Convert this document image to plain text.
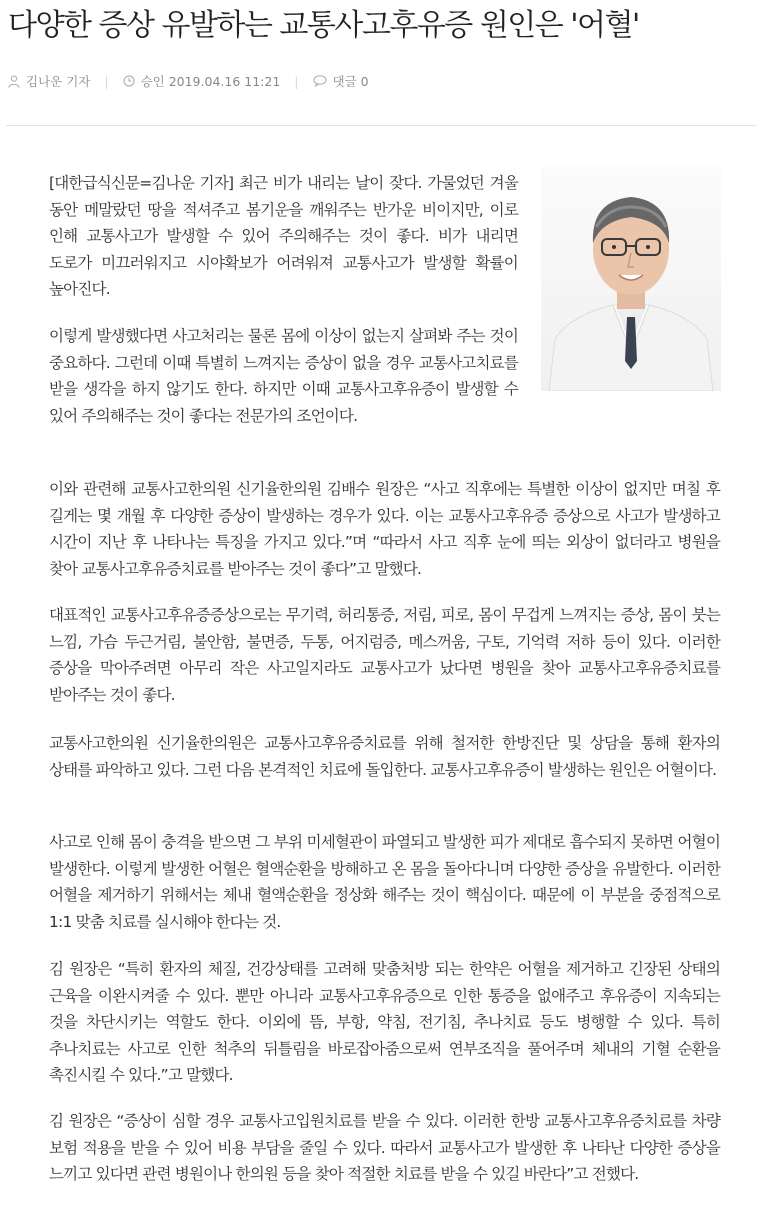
다양한 증상 유발하는 교통사고후유증 원인은 '어혈'
김나운 기자 |	승인 2019.04.16 11:21 |	댓글 0

[대한급식신문=김나운 기자] 최근 비가 내리는 날이 잦다. 가물었던 겨울 동안 메말랐던 땅을 적셔주고 봄기운을 깨워주는 반가운 비이지만, 이로 인해 교통사고가 발생할 수 있어 주의해주는 것이 좋다. 비가 내리면 도로가 미끄러워지고 시야확보가 어려워져 교통사고가 발생할 확률이 높아진다.

이렇게 발생했다면 사고처리는 물론 몸에 이상이 없는지 살펴봐 주는 것이 중요하다. 그런데 이때 특별히 느껴지는 증상이 없을 경우 교통사고치료를 받을 생각을 하지 않기도 한다. 하지만 이때 교통사고후유증이 발생할 수 있어 주의해주는 것이 좋다는 전문가의 조언이다.

이와 관련해 교통사고한의원 신기율한의원 김배수 원장은 “사고 직후에는 특별한 이상이 없지만 며칠 후 길게는 몇 개월 후 다양한 증상이 발생하는 경우가 있다. 이는 교통사고후유증 증상으로 사고가 발생하고 시간이 지난 후 나타나는 특징을 가지고 있다.”며 “따라서 사고 직후 눈에 띄는 외상이 없더라고 병원을 찾아 교통사고후유증치료를 받아주는 것이 좋다”고 말했다.

대표적인 교통사고후유증증상으로는 무기력, 허리통증, 저림, 피로, 몸이 무겁게 느껴지는 증상, 몸이 붓는 느낌, 가슴 두근거림, 불안함, 불면증, 두통, 어지럼증, 메스꺼움, 구토, 기억력 저하 등이 있다. 이러한 증상을 막아주려면 아무리 작은 사고일지라도 교통사고가 났다면 병원을 찾아 교통사고후유증치료를 받아주는 것이 좋다.

교통사고한의원 신기율한의원은 교통사고후유증치료를 위해 철저한 한방진단 및 상담을 통해 환자의 상태를 파악하고 있다. 그런 다음 본격적인 치료에 돌입한다. 교통사고후유증이 발생하는 원인은 어혈이다.

사고로 인해 몸이 충격을 받으면 그 부위 미세혈관이 파열되고 발생한 피가 제대로 흡수되지 못하면 어혈이 발생한다. 이렇게 발생한 어혈은 혈액순환을 방해하고 온 몸을 돌아다니며 다양한 증상을 유발한다. 이러한 어혈을 제거하기 위해서는 체내 혈액순환을 정상화 해주는 것이 핵심이다. 때문에 이 부분을 중점적으로 1:1 맞춤 치료를 실시해야 한다는 것.

김 원장은 “특히 환자의 체질, 건강상태를 고려해 맞춤처방 되는 한약은 어혈을 제거하고 긴장된 상태의 근육을 이완시켜줄 수 있다. 뿐만 아니라 교통사고후유증으로 인한 통증을 없애주고 후유증이 지속되는 것을 차단시키는 역할도 한다. 이외에 뜸, 부항, 약침, 전기침, 추나치료 등도 병행할 수 있다. 특히 추나치료는 사고로 인한 척추의 뒤틀림을 바로잡아줌으로써 연부조직을 풀어주며 체내의 기혈 순환을 촉진시킬 수 있다.”고 말했다.

김 원장은 “증상이 심할 경우 교통사고입원치료를 받을 수 있다. 이러한 한방 교통사고후유증치료를 차량 보험 적용을 받을 수 있어 비용 부담을 줄일 수 있다. 따라서 교통사고가 발생한 후 나타난 다양한 증상을 느끼고 있다면 관련 병원이나 한의원 등을 찾아 적절한 치료를 받을 수 있길 바란다”고 전했다.
